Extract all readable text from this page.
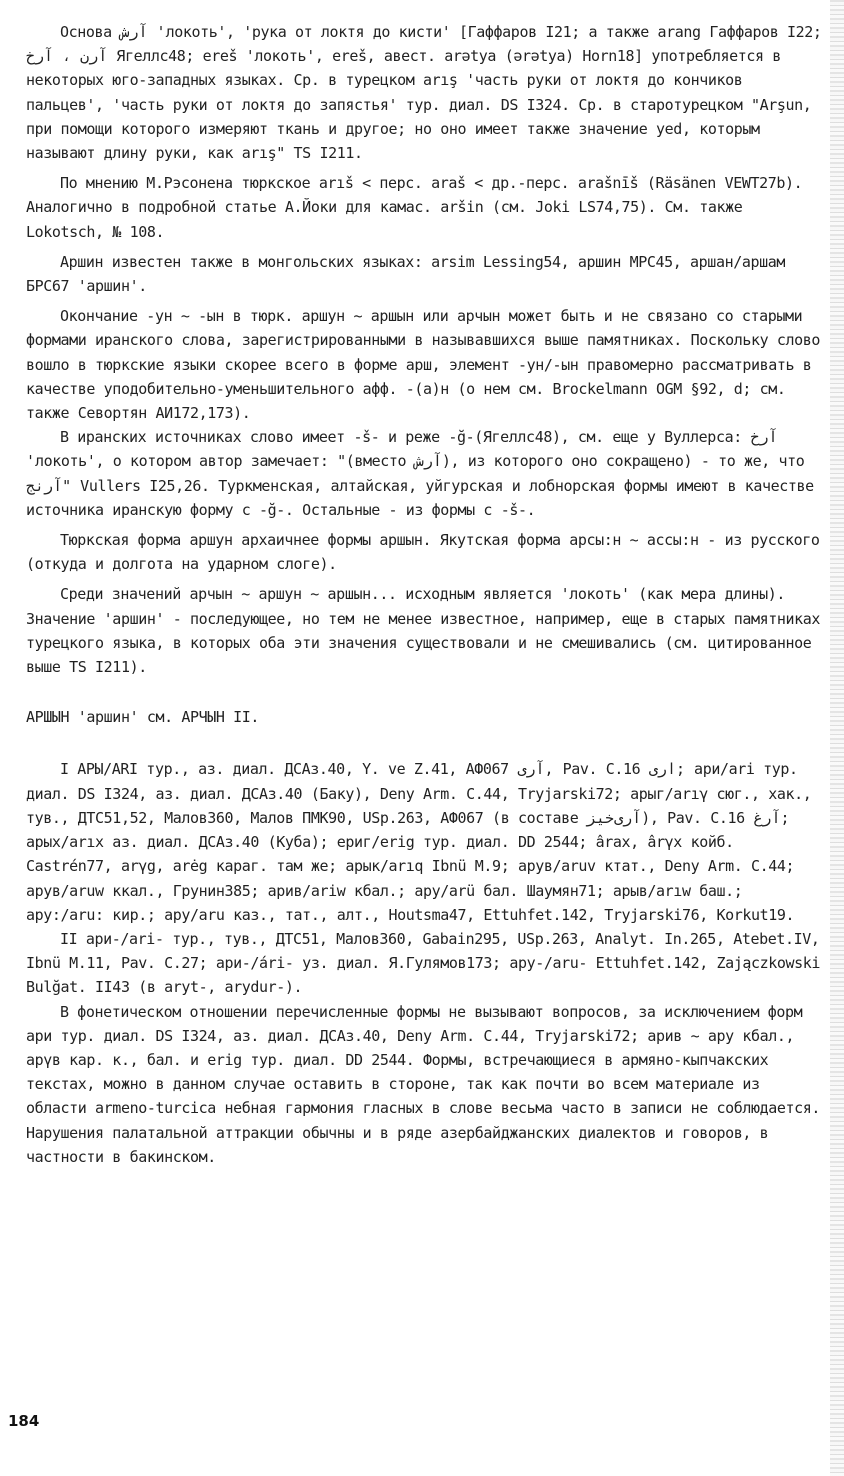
Основа آرش 'локоть', 'рука от локтя до кисти' [Гаффаров I21; а также arang Гаффаров I22; آرن ، آرخ Ягеллс48; ereš 'локоть', ereš, авест. arǝtya (ǝrǝtya) Horn18] употребляется в некоторых юго-западных языках. Ср. в турецком arış 'часть руки от локтя до кончиков пальцев', 'часть руки от локтя до запястья' тур. диал. DS I324. Ср. в старотурецком "Arşun, при помощи которого измеряют ткань и другое; но оно имеет также значение yed, которым называют длину руки, как arış" TS I211.

По мнению М.Рэсонена тюркское arıš < перс. araš < др.-перс. arašnīš (Räsänen VEWT27b). Аналогично в подробной статье А.Йоки для камас. aršin (см. Joki LS74,75). См. также Lokotsch, № 108.

Аршин известен также в монгольских языках: arsim Lessing54, аршин МРС45, аршан/аршам БРС67 'аршин'.

Окончание -ун ~ -ын в тюрк. аршун ~ аршын или арчын может быть и не связано со старыми формами иранского слова, зарегистрированными в называвшихся выше памятниках. Поскольку слово вошло в тюркские языки скорее всего в форме арш, элемент -ун/-ын правомерно рассматривать в качестве уподобительно-уменьшительного афф. -(а)н (о нем см. Brockelmann OGM §92, d; см. также Севортян АИ172,173).

В иранских источниках слово имеет -š- и реже -ğ-(Ягеллс48), см. еще у Вуллерса: آرخ 'локоть', о котором автор замечает: "(вместо آرش), из которого оно сокращено) - то же, что آرنج" Vullers I25,26. Туркменская, алтайская, уйгурская и лобнорская формы имеют в качестве источника иранскую форму с -ğ-. Остальные - из формы с -š-.

Тюркская форма аршун архаичнее формы аршын. Якутская форма арсы:н ~ ассы:н - из русского (откуда и долгота на ударном слоге).

Среди значений арчын ~ аршун ~ аршын... исходным является 'локоть' (как мера длины). Значение 'аршин' - последующее, но тем не менее известное, например, еще в старых памятниках турецкого языка, в которых оба эти значения существовали и не смешивались (см. цитированное выше TS I211).

АРШЫН 'аршин' см. АРЧЫН II.

I АРЫ/ARI тур., аз. диал. ДСАз.40, Y. ve Z.41, АФ067 آری, Pav. C.16 اری; ари/ari тур. диал. DS I324, аз. диал. ДСАз.40 (Баку), Deny Arm. C.44, Tryjarski72; арыг/arıγ сюг., хак., тув., ДТС51,52, Малов360, Малов ПМК90, USp.263, АФ067 (в составе آری‌خیز), Pav. C.16 آرغ; арыx/arıx аз. диал. ДСАз.40 (Куба); ериг/erig тур. диал. DD 2544; ârax, ârγx койб. Castrén77, arγg, arėg караг. там же; арык/arıq Ibnü M.9; арув/aruv ктат., Deny Arm. C.44; арув/aruw ккал., Грунин385; арив/ariw кбал.; ару/arü бал. Шаумян71; арыв/arıw баш.; ару:/aru: кир.; ару/aru каз., тат., алт., Houtsma47, Ettuhfet.142, Tryjarski76, Korkut19.

II ари-/ari- тур., тув., ДТС51, Малов360, Gabain295, USp.263, Analyt. In.265, Atebet.IV, Ibnü M.11, Pav. C.27; ари-/ári- уз. диал. Я.Гулямов173; ару-/aru- Ettuhfet.142, Zajączkowski Bulğat. II43 (в aryt-, arydur-).

В фонетическом отношении перечисленные формы не вызывают вопросов, за исключением форм ари тур. диал. DS I324, аз. диал. ДСАз.40, Deny Arm. C.44, Tryjarski72; арив ~ ару кбал., арүв кар. к., бал. и erig тур. диал. DD 2544. Формы, встречающиеся в армяно-кыпчакских текстах, можно в данном случае оставить в стороне, так как почти во всем материале из области armeno-turcica небная гармония гласных в слове весьма часто в записи не соблюдается. Нарушения палатальной аттракции обычны и в ряде азербайджанских диалектов и говоров, в частности в бакинском.

184
